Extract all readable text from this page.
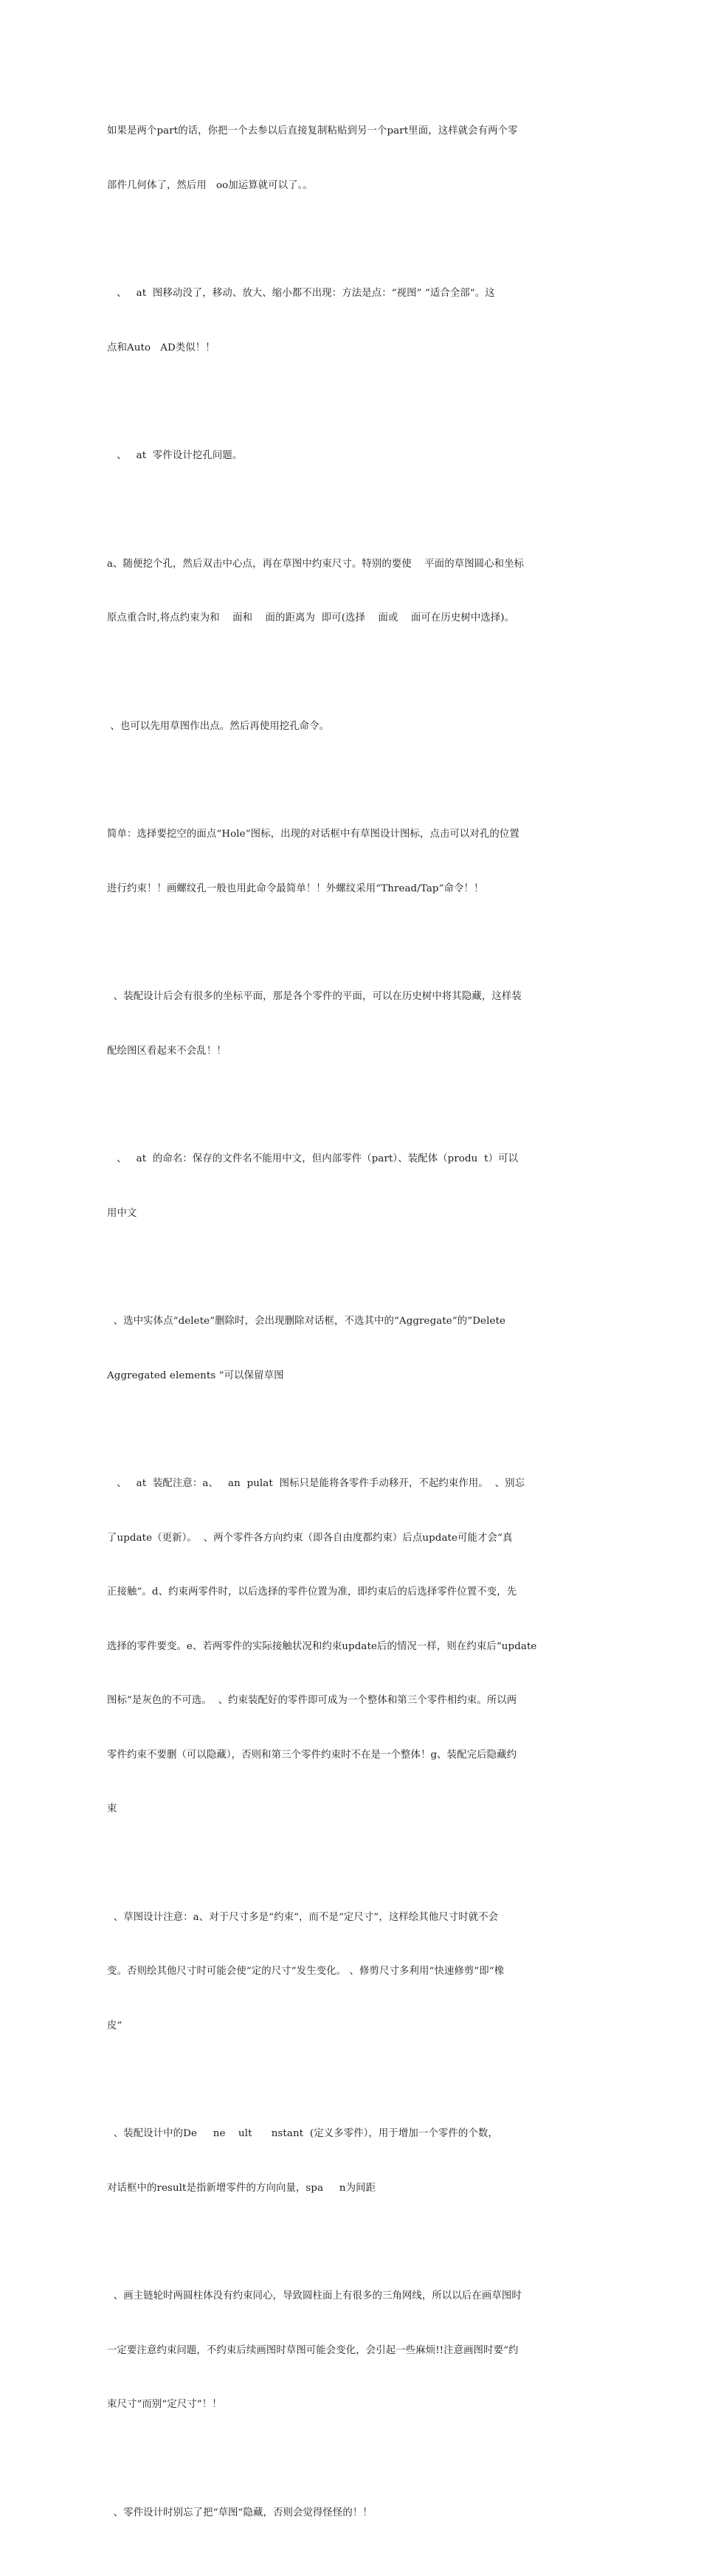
如果是两个part的话，你把一个去参以后直接复制粘贴到另一个part里面，这样就会有两个零

部件几何体了，然后用   oo加运算就可以了。。

、   at  图移动没了，移动、放大、缩小都不出现：方法是点：“视图” “适合全部”。这

点和Auto   AD类似！！

、   at  零件设计挖孔问题。

a、随便挖个孔，然后双击中心点，再在草图中约束尺寸。特别的要使    平面的草图圆心和坐标

原点重合时,将点约束为和    面和    面的距离为  即可(选择    面或    面可在历史树中选择)。

、也可以先用草图作出点。然后再使用挖孔命令。

简单：选择要挖空的面点“Hole”图标，出现的对话框中有草图设计图标，点击可以对孔的位置

进行约束！！画螺纹孔一般也用此命令最简单！！外螺纹采用“Thread/Tap”命令！！

、装配设计后会有很多的坐标平面，那是各个零件的平面，可以在历史树中将其隐藏，这样装

配绘图区看起来不会乱！！

、   at  的命名：保存的文件名不能用中文，但内部零件（part）、装配体（produ  t）可以

用中文

、选中实体点“delete”删除时，会出现删除对话框，不选其中的“Aggregate”的“Delete

Aggregated elements ”可以保留草图

、   at  装配注意：a、   an  pulat  图标只是能将各零件手动移开，不起约束作用。  、别忘

了update（更新）。  、两个零件各方向约束（即各自由度都约束）后点update可能才会“真

正接触”。d、约束两零件时，以后选择的零件位置为准，即约束后的后选择零件位置不变，先

选择的零件要变。e、若两零件的实际接触状况和约束update后的情况一样，则在约束后“update

图标”是灰色的不可选。  、约束装配好的零件即可成为一个整体和第三个零件相约束。所以两

零件约束不要删（可以隐藏），否则和第三个零件约束时不在是一个整体！g、装配完后隐藏约

束

、草图设计注意：a、对于尺寸多是“约束”，而不是“定尺寸”，这样绘其他尺寸时就不会

变。否则绘其他尺寸时可能会使“定的尺寸”发生变化。 、修剪尺寸多利用“快速修剪”即“橡

皮”

、装配设计中的De     ne    ult      nstant  (定义多零件），用于增加一个零件的个数，

对话框中的result是指新增零件的方向向量，spa     n为间距

、画主链轮时两圆柱体没有约束同心，导致圆柱面上有很多的三角网线，所以以后在画草图时

一定要注意约束问题，不约束后续画图时草图可能会变化，会引起一些麻烦!!注意画图时要“约

束尺寸”而别“定尺寸”！！

、零件设计时别忘了把“草图”隐藏，否则会觉得怪怪的！！
